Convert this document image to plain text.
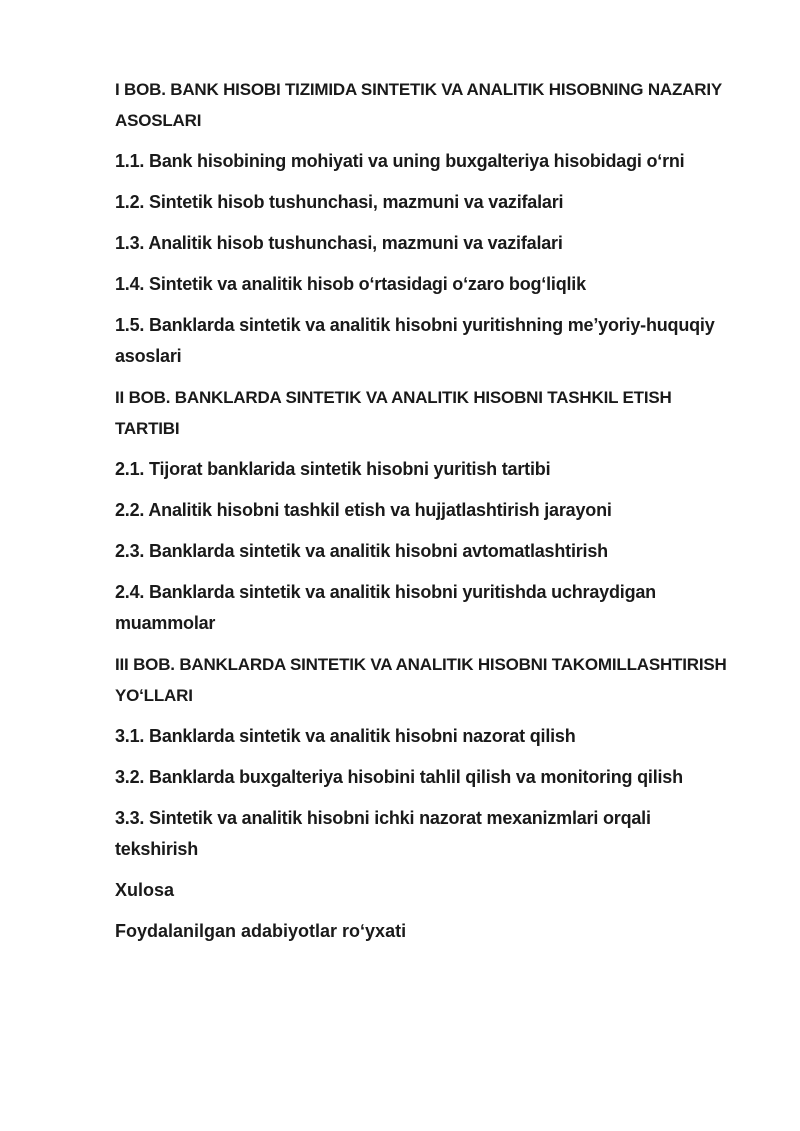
I BOB. BANK HISOBI TIZIMIDA SINTETIK VA ANALITIK HISOBNING NAZARIY ASOSLARI
1.1. Bank hisobining mohiyati va uning buxgalteriya hisobidagi oʻrni
1.2. Sintetik hisob tushunchasi, mazmuni va vazifalari
1.3. Analitik hisob tushunchasi, mazmuni va vazifalari
1.4. Sintetik va analitik hisob oʻrtasidagi oʻzaro bogʻliqlik
1.5. Banklarda sintetik va analitik hisobni yuritishning meʼyoriy-huquqiy asoslari
II BOB. BANKLARDA SINTETIK VA ANALITIK HISOBNI TASHKIL ETISH TARTIBI
2.1. Tijorat banklarida sintetik hisobni yuritish tartibi
2.2. Analitik hisobni tashkil etish va hujjatlashtirish jarayoni
2.3. Banklarda sintetik va analitik hisobni avtomatlashtirish
2.4. Banklarda sintetik va analitik hisobni yuritishda uchraydigan muammolar
III BOB. BANKLARDA SINTETIK VA ANALITIK HISOBNI TAKOMILLASHTIRISH YOʻLLARI
3.1. Banklarda sintetik va analitik hisobni nazorat qilish
3.2. Banklarda buxgalteriya hisobini tahlil qilish va monitoring qilish
3.3. Sintetik va analitik hisobni ichki nazorat mexanizmlari orqali tekshirish
Xulosa
Foydalanilgan adabiyotlar roʻyxati
